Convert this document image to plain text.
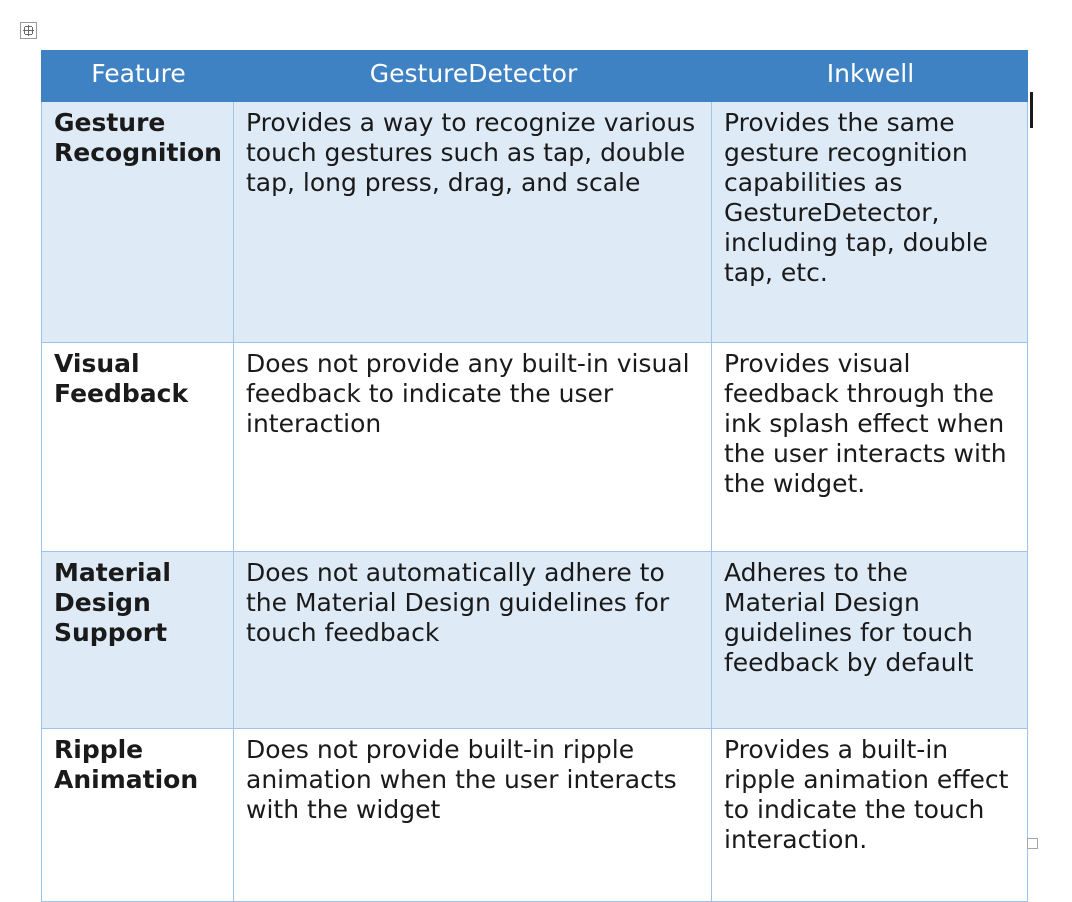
Feature	GestureDetector	Inkwell
Gesture Recognition	Provides a way to recognize various touch gestures such as tap, double tap, long press, drag, and scale	Provides the same gesture recognition capabilities as GestureDetector, including tap, double tap, etc.
Visual Feedback	Does not provide any built-in visual feedback to indicate the user interaction	Provides visual feedback through the ink splash effect when the user interacts with the widget.
Material Design Support	Does not automatically adhere to the Material Design guidelines for touch feedback	Adheres to the Material Design guidelines for touch feedback by default
Ripple Animation	Does not provide built-in ripple animation when the user interacts with the widget	Provides a built-in ripple animation effect to indicate the touch interaction.
